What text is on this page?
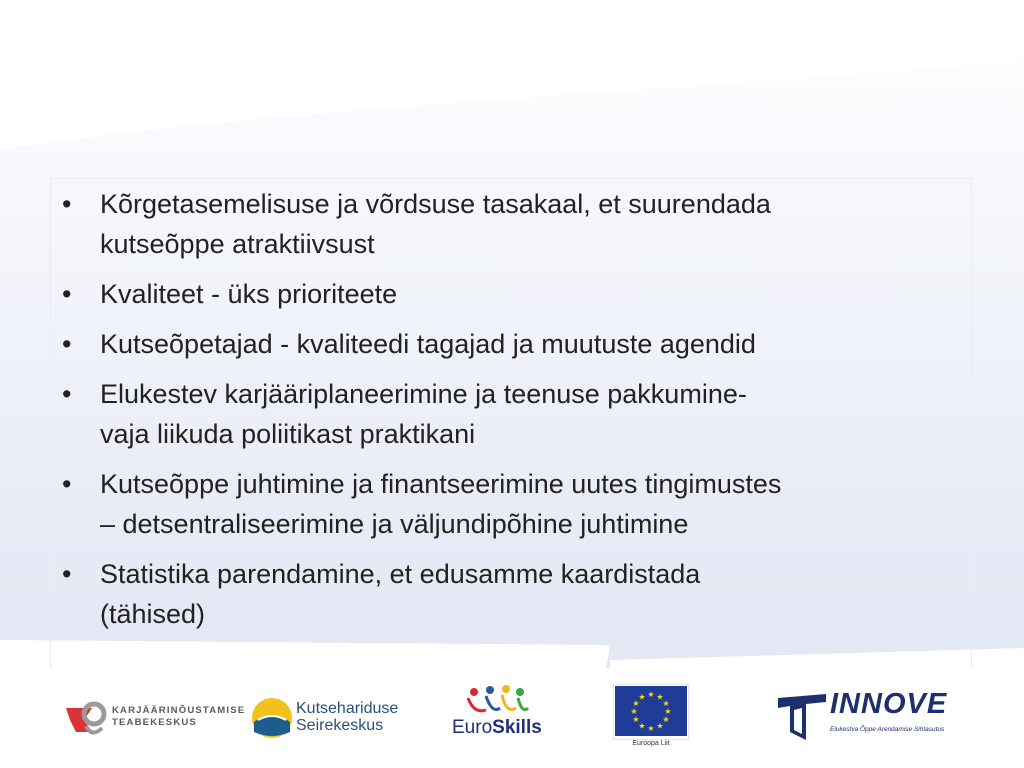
• Kõrgetasemelisuse ja võrdsuse tasakaal, et suurendada
kutseõppe atraktiivsust
• Kvaliteet - üks prioriteete
• Kutseõpetajad - kvaliteedi tagajad ja muutuste agendid
• Elukestev karjääriplaneerimine ja teenuse pakkumine-
vaja liikuda poliitikast praktikani
• Kutseõppe juhtimine ja finantseerimine uutes tingimustes
– detsentraliseerimine ja väljundipõhine juhtimine
• Statistika parendamine, et edusamme kaardistada
(tähised)
KARJÄÄRINÕUSTAMISE
TEABEKESKUS
Kutsehariduse
Seirekeskus	EuroSkills
★ ★
★
★
★
★
★
★
★
★
★
★
Euroopa Liit
INNOVE
Elukestva Õppe Arendamise Sihtasutus
